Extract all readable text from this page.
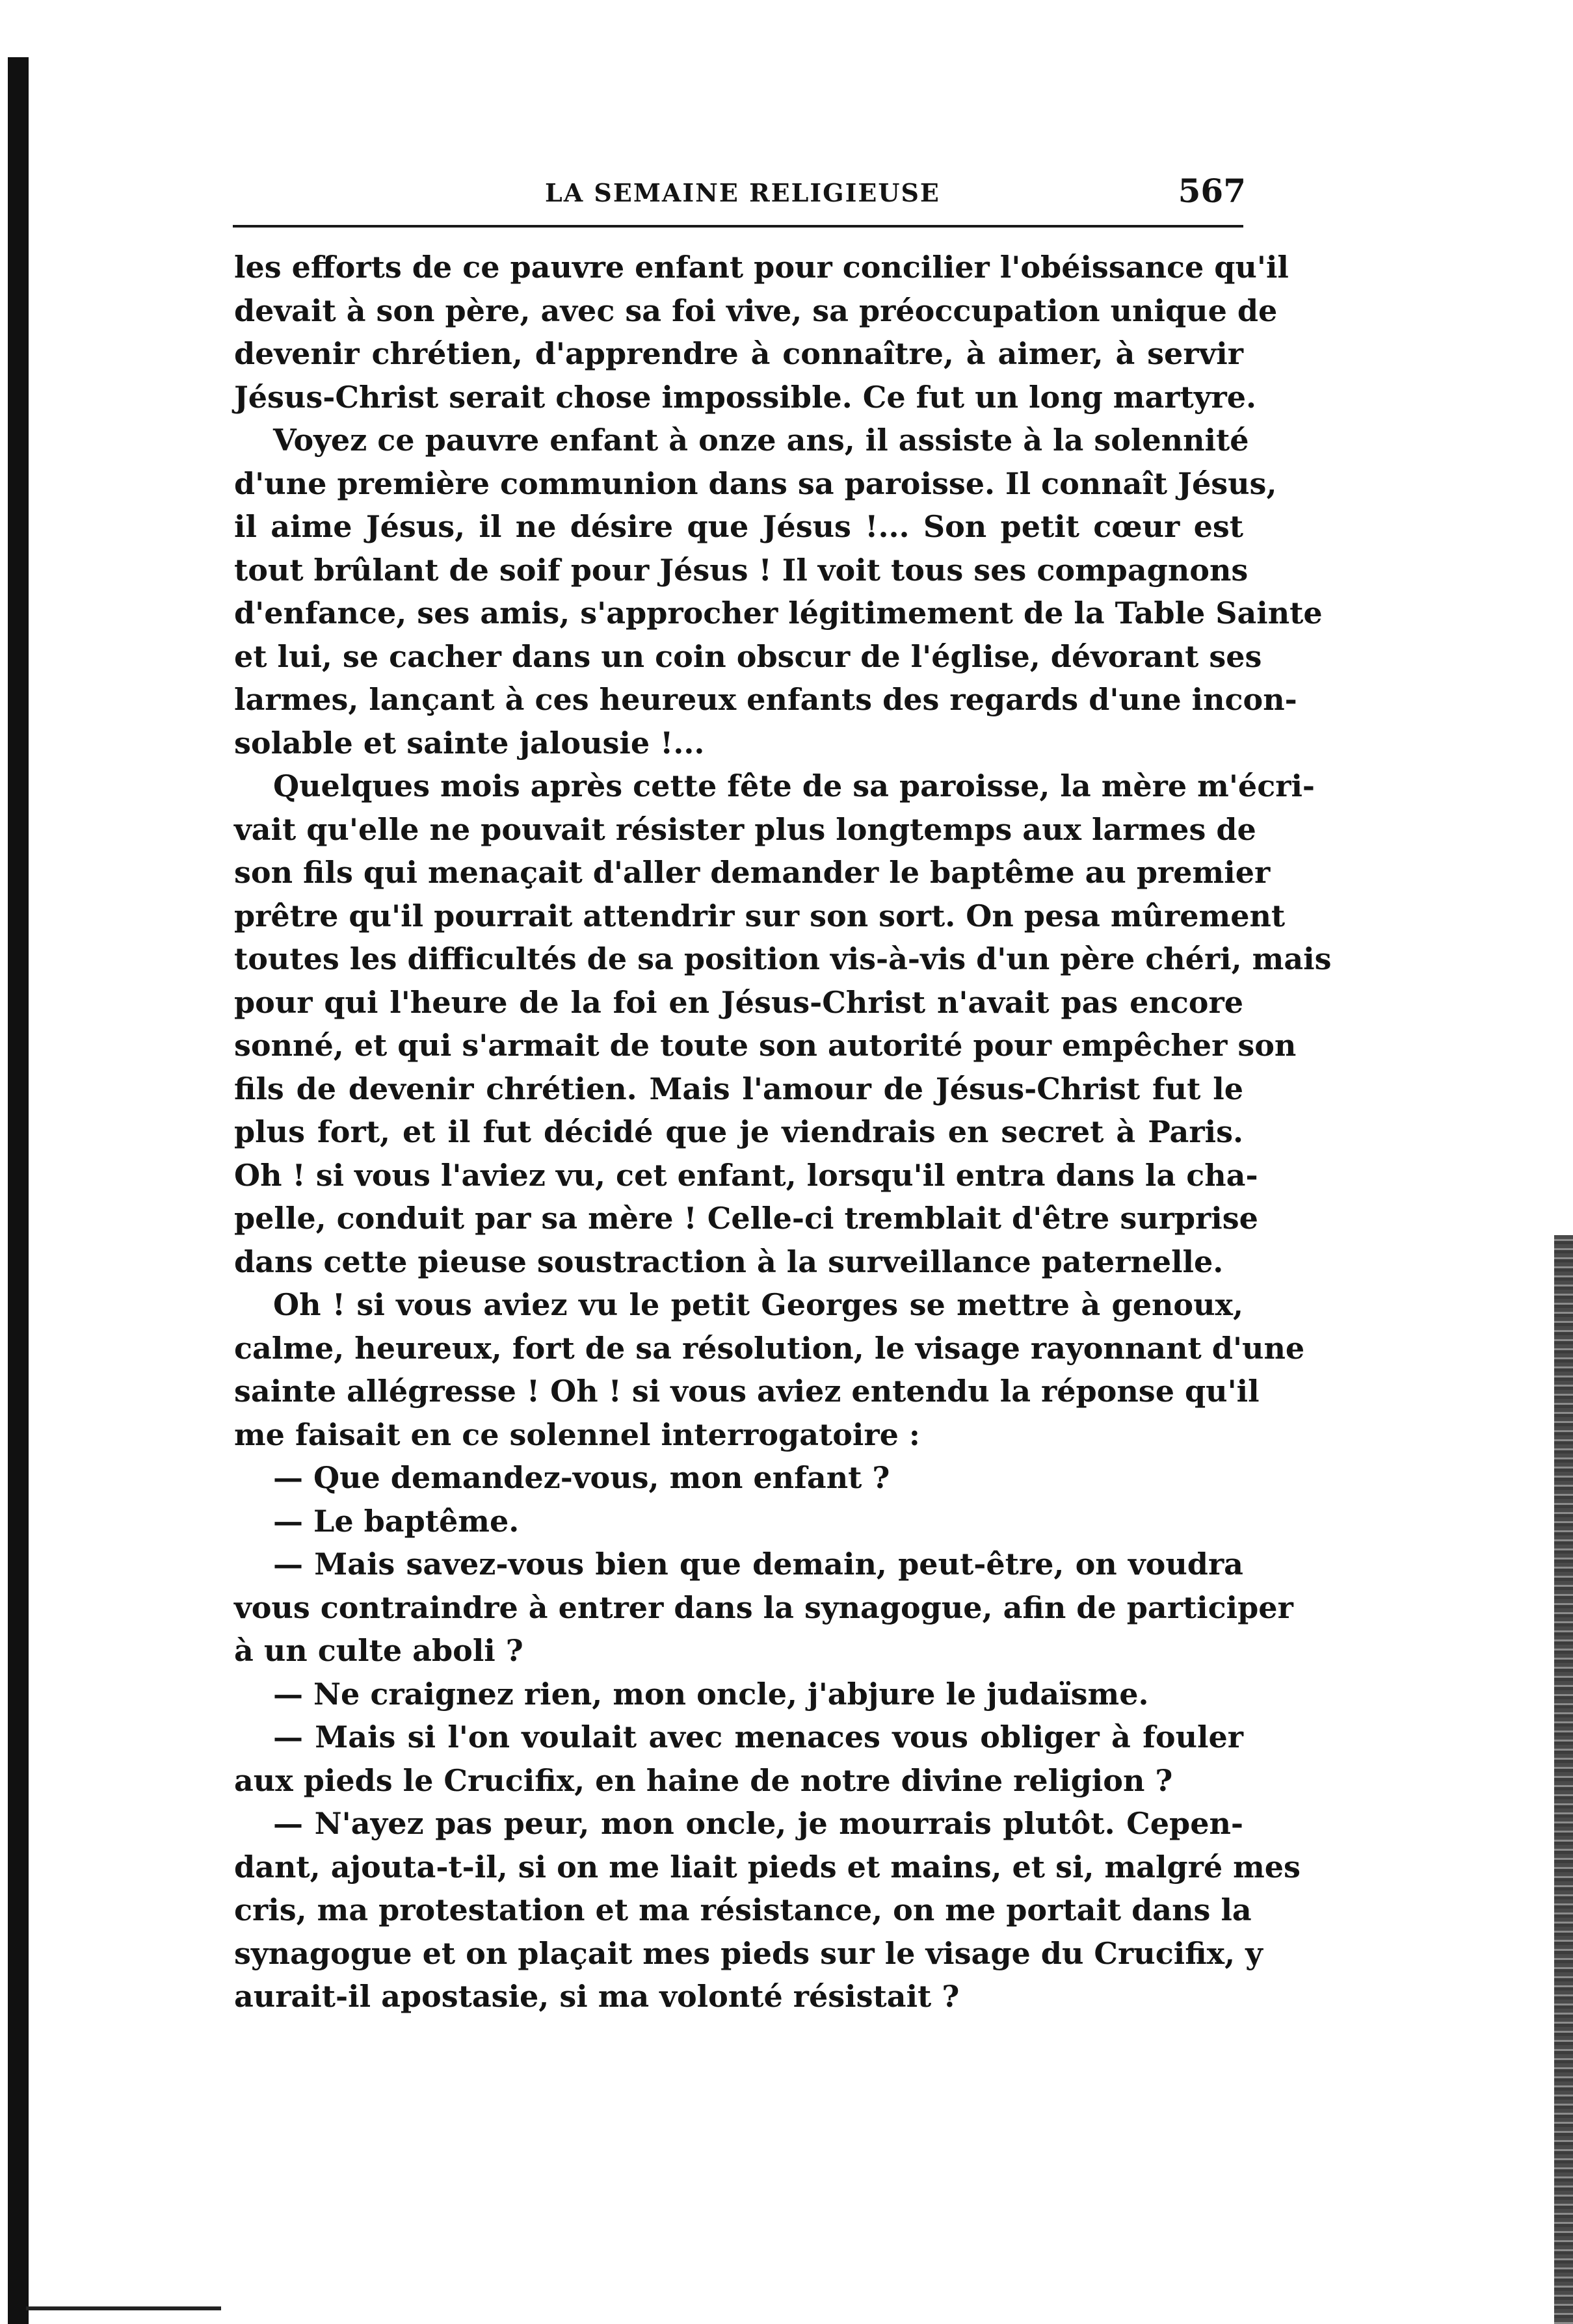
LA SEMAINE RELIGIEUSE	567
les efforts de ce pauvre enfant pour concilier l'obéissance qu'il
devait à son père, avec sa foi vive, sa préoccupation unique de
devenir chrétien, d'apprendre à connaître, à aimer, à servir
Jésus-Christ serait chose impossible. Ce fut un long martyre.
Voyez ce pauvre enfant à onze ans, il assiste à la solennité
d'une première communion dans sa paroisse. Il connaît Jésus,
il aime Jésus, il ne désire que Jésus !... Son petit cœur est
tout brûlant de soif pour Jésus ! Il voit tous ses compagnons
d'enfance, ses amis, s'approcher légitimement de la Table Sainte
et lui, se cacher dans un coin obscur de l'église, dévorant ses
larmes, lançant à ces heureux enfants des regards d'une incon-
solable et sainte jalousie !...
Quelques mois après cette fête de sa paroisse, la mère m'écri-
vait qu'elle ne pouvait résister plus longtemps aux larmes de
son fils qui menaçait d'aller demander le baptême au premier
prêtre qu'il pourrait attendrir sur son sort. On pesa mûrement
toutes les difficultés de sa position vis-à-vis d'un père chéri, mais
pour qui l'heure de la foi en Jésus-Christ n'avait pas encore
sonné, et qui s'armait de toute son autorité pour empêcher son
fils de devenir chrétien. Mais l'amour de Jésus-Christ fut le
plus fort, et il fut décidé que je viendrais en secret à Paris.
Oh ! si vous l'aviez vu, cet enfant, lorsqu'il entra dans la cha-
pelle, conduit par sa mère ! Celle-ci tremblait d'être surprise
dans cette pieuse soustraction à la surveillance paternelle.
Oh ! si vous aviez vu le petit Georges se mettre à genoux,
calme, heureux, fort de sa résolution, le visage rayonnant d'une
sainte allégresse ! Oh ! si vous aviez entendu la réponse qu'il
me faisait en ce solennel interrogatoire :
— Que demandez-vous, mon enfant ?
— Le baptême.
— Mais savez-vous bien que demain, peut-être, on voudra
vous contraindre à entrer dans la synagogue, afin de participer
à un culte aboli ?
— Ne craignez rien, mon oncle, j'abjure le judaïsme.
— Mais si l'on voulait avec menaces vous obliger à fouler
aux pieds le Crucifix, en haine de notre divine religion ?
— N'ayez pas peur, mon oncle, je mourrais plutôt. Cepen-
dant, ajouta-t-il, si on me liait pieds et mains, et si, malgré mes
cris, ma protestation et ma résistance, on me portait dans la
synagogue et on plaçait mes pieds sur le visage du Crucifix, y
aurait-il apostasie, si ma volonté résistait ?
